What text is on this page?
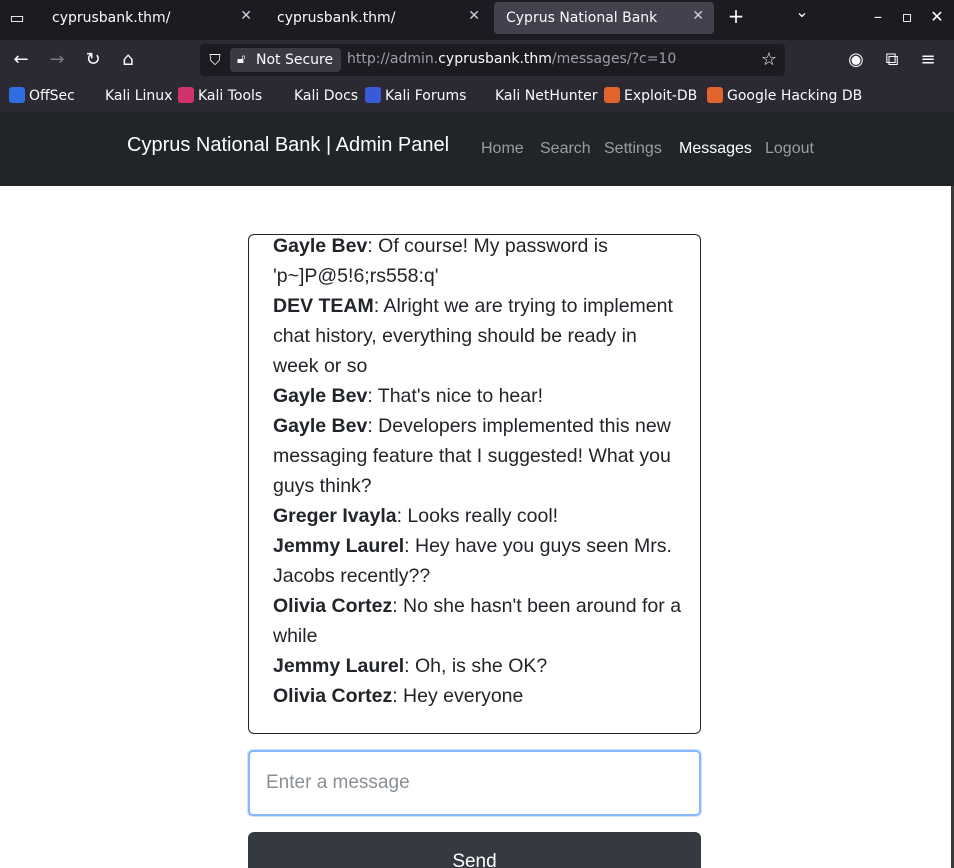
▭ cyprusbank.thm/	✕ cyprusbank.thm/	✕ Cyprus National Bank ✕ +	⌄	–	▫	✕
← → ↻ ⌂	⛉	🔓︎ Not Secure http://admin.cyprusbank.thm/messages/?c=10	☆	◉ ⧉ ≡
OffSec	Kali Linux	Kali Tools	Kali Docs	Kali Forums	Kali NetHunter	Exploit-DB	Google Hacking DB
Cyprus National Bank | Admin Panel Home Search Settings Messages Logout
Gayle Bev: Of course! My password is 'p~]P@5!6;rs558:q'
DEV TEAM: Alright we are trying to implement chat history, everything should be ready in week or so
Gayle Bev: That's nice to hear!
Gayle Bev: Developers implemented this new messaging feature that I suggested! What you guys think?
Greger Ivayla: Looks really cool!
Jemmy Laurel: Hey have you guys seen Mrs. Jacobs recently??
Olivia Cortez: No she hasn't been around for a while
Jemmy Laurel: Oh, is she OK?
Olivia Cortez: Hey everyone
Enter a message
Send
